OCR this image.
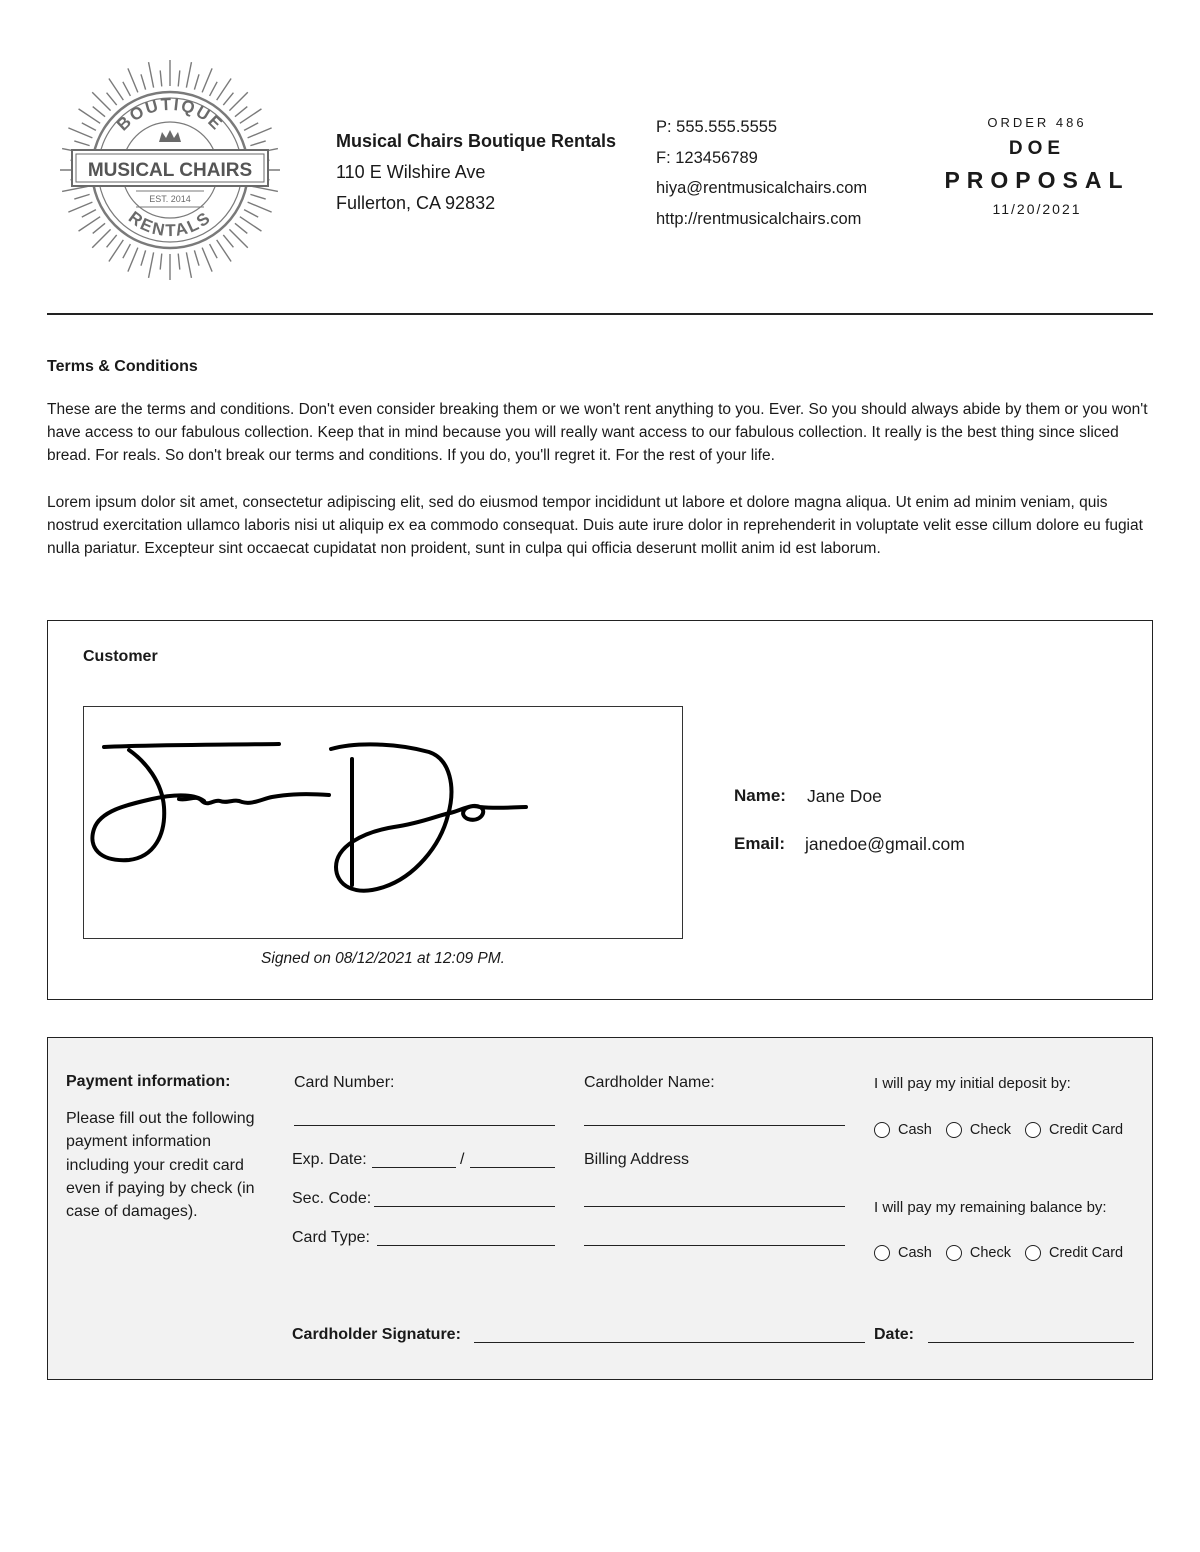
BOUTIQUE
RENTALS
MUSICAL CHAIRS
EST. 2014
Musical Chairs Boutique Rentals
110 E Wilshire Ave
Fullerton, CA 92832
P: 555.555.5555
F: 123456789
hiya@rentmusicalchairs.com
http://rentmusicalchairs.com
ORDER 486
DOE
PROPOSAL
11/20/2021
Terms & Conditions
These are the terms and conditions. Don't even consider breaking them or we won't rent anything to you. Ever. So you should always abide by them or you won't have access to our fabulous collection. Keep that in mind because you will really want access to our fabulous collection. It really is the best thing since sliced bread. For reals. So don't break our terms and conditions. If you do, you'll regret it. For the rest of your life.
Lorem ipsum dolor sit amet, consectetur adipiscing elit, sed do eiusmod tempor incididunt ut labore et dolore magna aliqua. Ut enim ad minim veniam, quis nostrud exercitation ullamco laboris nisi ut aliquip ex ea commodo consequat. Duis aute irure dolor in reprehenderit in voluptate velit esse cillum dolore eu fugiat nulla pariatur. Excepteur sint occaecat cupidatat non proident, sunt in culpa qui officia deserunt mollit anim id est laborum.
Customer
Signed on 08/12/2021 at 12:09 PM.
Name: Jane Doe
Email: janedoe@gmail.com
Payment information:
Please fill out the following payment information including your credit card even if paying by check (in case of damages).
Card Number:
Exp. Date:	/
Sec. Code:
Card Type:
Cardholder Name:
Billing Address
I will pay my initial deposit by:
Cash	Check	Credit Card
I will pay my remaining balance by:
Cash	Check	Credit Card
Cardholder Signature:	Date:
